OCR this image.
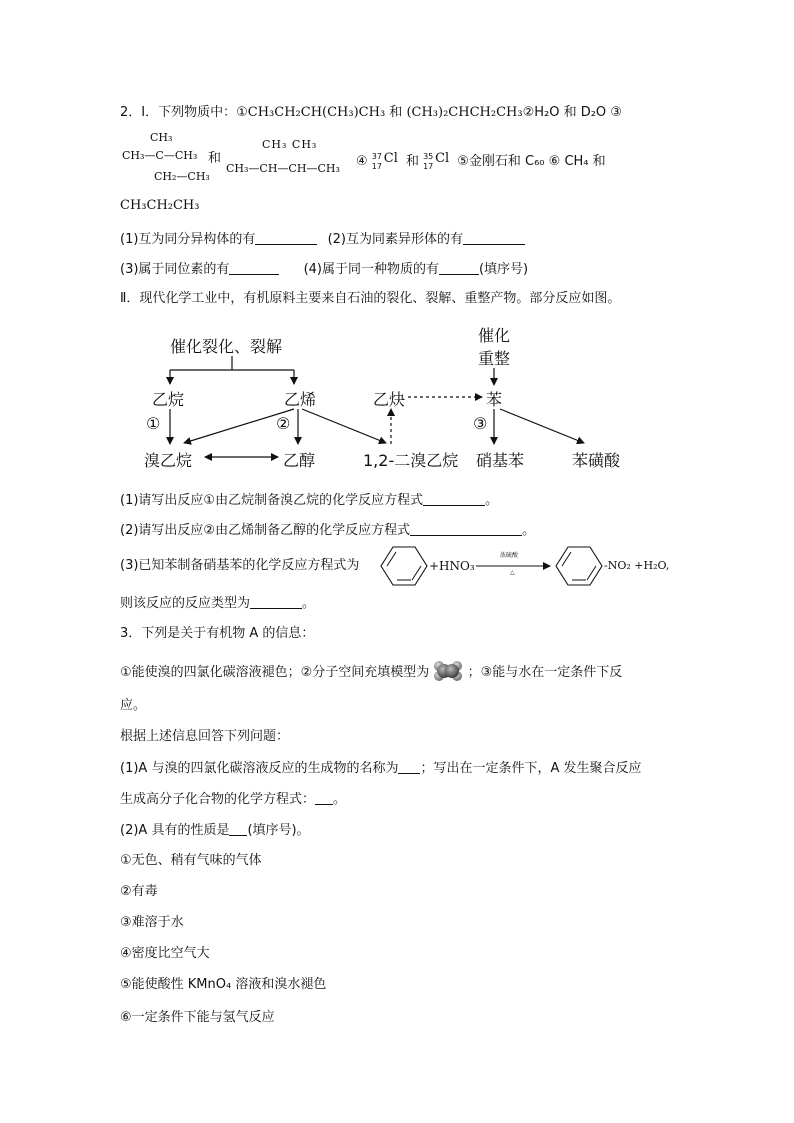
2．Ⅰ．下列物质中：①CH₃CH₂CH(CH₃)CH₃ 和 (CH₃)₂CHCH₂CH₃②H₂O 和 D₂O ③
CH₃
CH₃—C—CH₃
CH₂—CH₃
和
CH₃ CH₃
CH₃—CH—CH—CH₃ ④ 37
17
Cl 和 35
17
Cl ⑤金刚石和 C₆₀ ⑥ CH₄ 和
CH₃CH₂CH₃
(1)互为同分异构体的有	(2)互为同素异形体的有
(3)属于同位素的有	(4)属于同一种物质的有	(填序号)
Ⅱ．现代化学工业中，有机原料主要来自石油的裂化、裂解、重整产物。部分反应如图。
催化裂化、裂解
催化
重整
乙烷	乙烯	乙炔	苯
①	②	③
溴乙烷	乙醇	1,2-二溴乙烷 硝基苯	苯磺酸
(1)请写出反应①由乙烷制备溴乙烷的化学反应方程式	。
(2)请写出反应②由乙烯制备乙醇的化学反应方程式	。
(3)已知苯制备硝基苯的化学反应方程式为	+HNO₃
浓硫酸
△
-NO₂ +H₂O,
则该反应的反应类型为	。
3．下列是关于有机物 A 的信息：
①能使溴的四氯化碳溶液褪色；②分子空间充填模型为	；③能与水在一定条件下反
应。
根据上述信息回答下列问题：
(1)A 与溴的四氯化碳溶液反应的生成物的名称为 ；写出在一定条件下，A 发生聚合反应
生成高分子化合物的化学方程式： 。
(2)A 具有的性质是 (填序号)。
①无色、稍有气味的气体
②有毒
③难溶于水
④密度比空气大
⑤能使酸性 KMnO₄ 溶液和溴水褪色
⑥一定条件下能与氢气反应
